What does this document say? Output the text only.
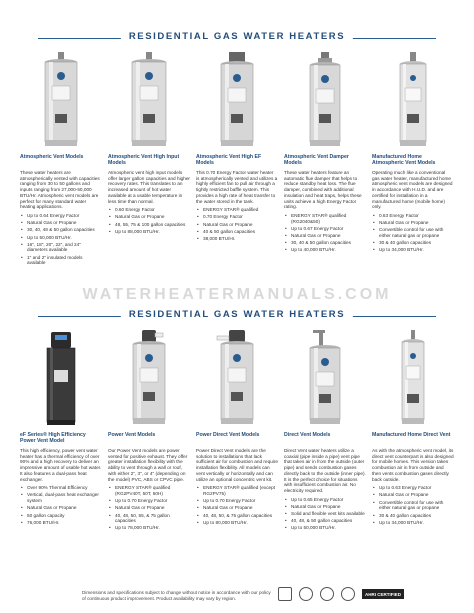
RESIDENTIAL GAS WATER HEATERS
Atmospheric Vent Models
These water heaters are atmospherically vented with capacities ranging from 30 to 50 gallons and inputs ranging from 27,000-50,000 BTU/Hr. Atmospheric vent models are perfect for many standard water heating applications.
• Up to 0.64 Energy Factor
• Natural Gas or Propane
• 30, 40, 48 & 50 gallon capacities
• Up to 50,000 BTU/Hr.
• 16", 18", 20", 22", and 24" diameters available
• 1" and 2" insulated models available
Atmospheric Vent High Input Models
Atmospheric vent high input models offer larger gallon capacities and higher recovery rates. This translates to an increased amount of hot water available at a usable temperature in less time than normal.
• 0.60 Energy Factor
• Natural Gas or Propane
• 48, 55, 75 & 100 gallon capacities
• Up to 88,000 BTU/Hr.
Atmospheric Vent High EF Models
This 0.70 Energy Factor water heater is atmospherically vented and utilizes a highly efficient fan to pull air through a tightly restricted baffle system. This provides a high rate of heat transfer to the water stored in the tank.
• ENERGY STAR® qualified
• 0.70 Energy Factor
• Natural Gas or Propane
• 40 & 50 gallon capacities
• 38,000 BTU/Hr.
Atmospheric Vent Damper Models
These water heaters feature an automatic flue damper that helps to reduce standby heat loss. The flue damper, combined with additional insulation and heat traps, helps these units achieve a high Energy Factor rating.
• ENERGY STAR® qualified (RG2040&50)
• Up to 0.67 Energy Factor
• Natural Gas or Propane
• 30, 40 & 50 gallon capacities
• Up to 40,000 BTU/Hr.
Manufactured Home Atmospheric Vent Models
Operating much like a conventional gas water heater, manufactured home atmospheric vent models are designed in accordance with H.U.D. and are certified for installation in a manufactured home (mobile home) only.
• 0.63 Energy Factor
• Natural Gas or Propane
• Convertible control for use with either natural gas or propane
• 30 & 40 gallon capacities
• Up to 34,000 BTU/Hr.
WATERHEATERMANUALS.COM
RESIDENTIAL GAS WATER HEATERS
eF Series® High Efficiency Power Vent Model
This high efficiency, power vent water heater has a thermal efficiency of over 90% and a high recovery to deliver an impressive amount of usable hot water. It also features a dual-pass heat exchanger.
• Over 90% Thermal Efficiency
• Vertical, dual-pass heat exchanger system
• Natural Gas or Propane
• 50 gallon capacity
• 76,000 BTU/Hr.
Power Vent Models
Our Power Vent models are power vented for positive exhaust. They offer greater installation flexibility with the ability to vent through a wall or roof, with either 2", 3", or 4" (depending on the model) PVC, ABS or CPVC pipe.
• ENERGY STAR® qualified (RG2PV40T, 50T, 50H)
• Up to 0.70 Energy Factor
• Natural Gas or Propane
• 40, 48, 50, 55, & 75 gallon capacities
• Up to 78,000 BTU/Hr.
Power Direct Vent Models
Power Direct Vent models are the solution to installations that lack sufficient air for combustion and require installation flexibility. All models can vent vertically or horizontally and can utilize an optional concentric vent kit.
• ENERGY STAR® qualified (except RG2PV75)
• Up to 0.70 Energy Factor
• Natural Gas or Propane
• 40, 48, 50, & 75 gallon capacities
• Up to 80,000 BTU/Hr.
Direct Vent Models
Direct Vent water heaters utilize a coaxial (pipe inside a pipe) vent pipe that takes air in from the outside (outer pipe) and sends combustion gases directly back to the outside (inner pipe). It is the perfect choice for situations with insufficient combustion air. No electricity required.
• Up to 0.65 Energy Factor
• Natural Gas or Propane
• Solid and flexible vent kits available
• 40, 48, & 50 gallon capacities
• Up to 50,000 BTU/Hr.
Manufactured Home Direct Vent
As with the atmospheric vent model, its direct vent counterpart is also designed for mobile homes. This version takes combustion air in from outside and then vents combustion gases directly back outside.
• Up to 0.63 Energy Factor
• Natural Gas or Propane
• Convertible control for use with either natural gas or propane
• 30 & 40 gallon capacities
• Up to 34,000 BTU/Hr.
Dimensions and specifications subject to change without notice in accordance with our policy of continuous product improvement. Product availability may vary by region.
AHRI CERTIFIED
